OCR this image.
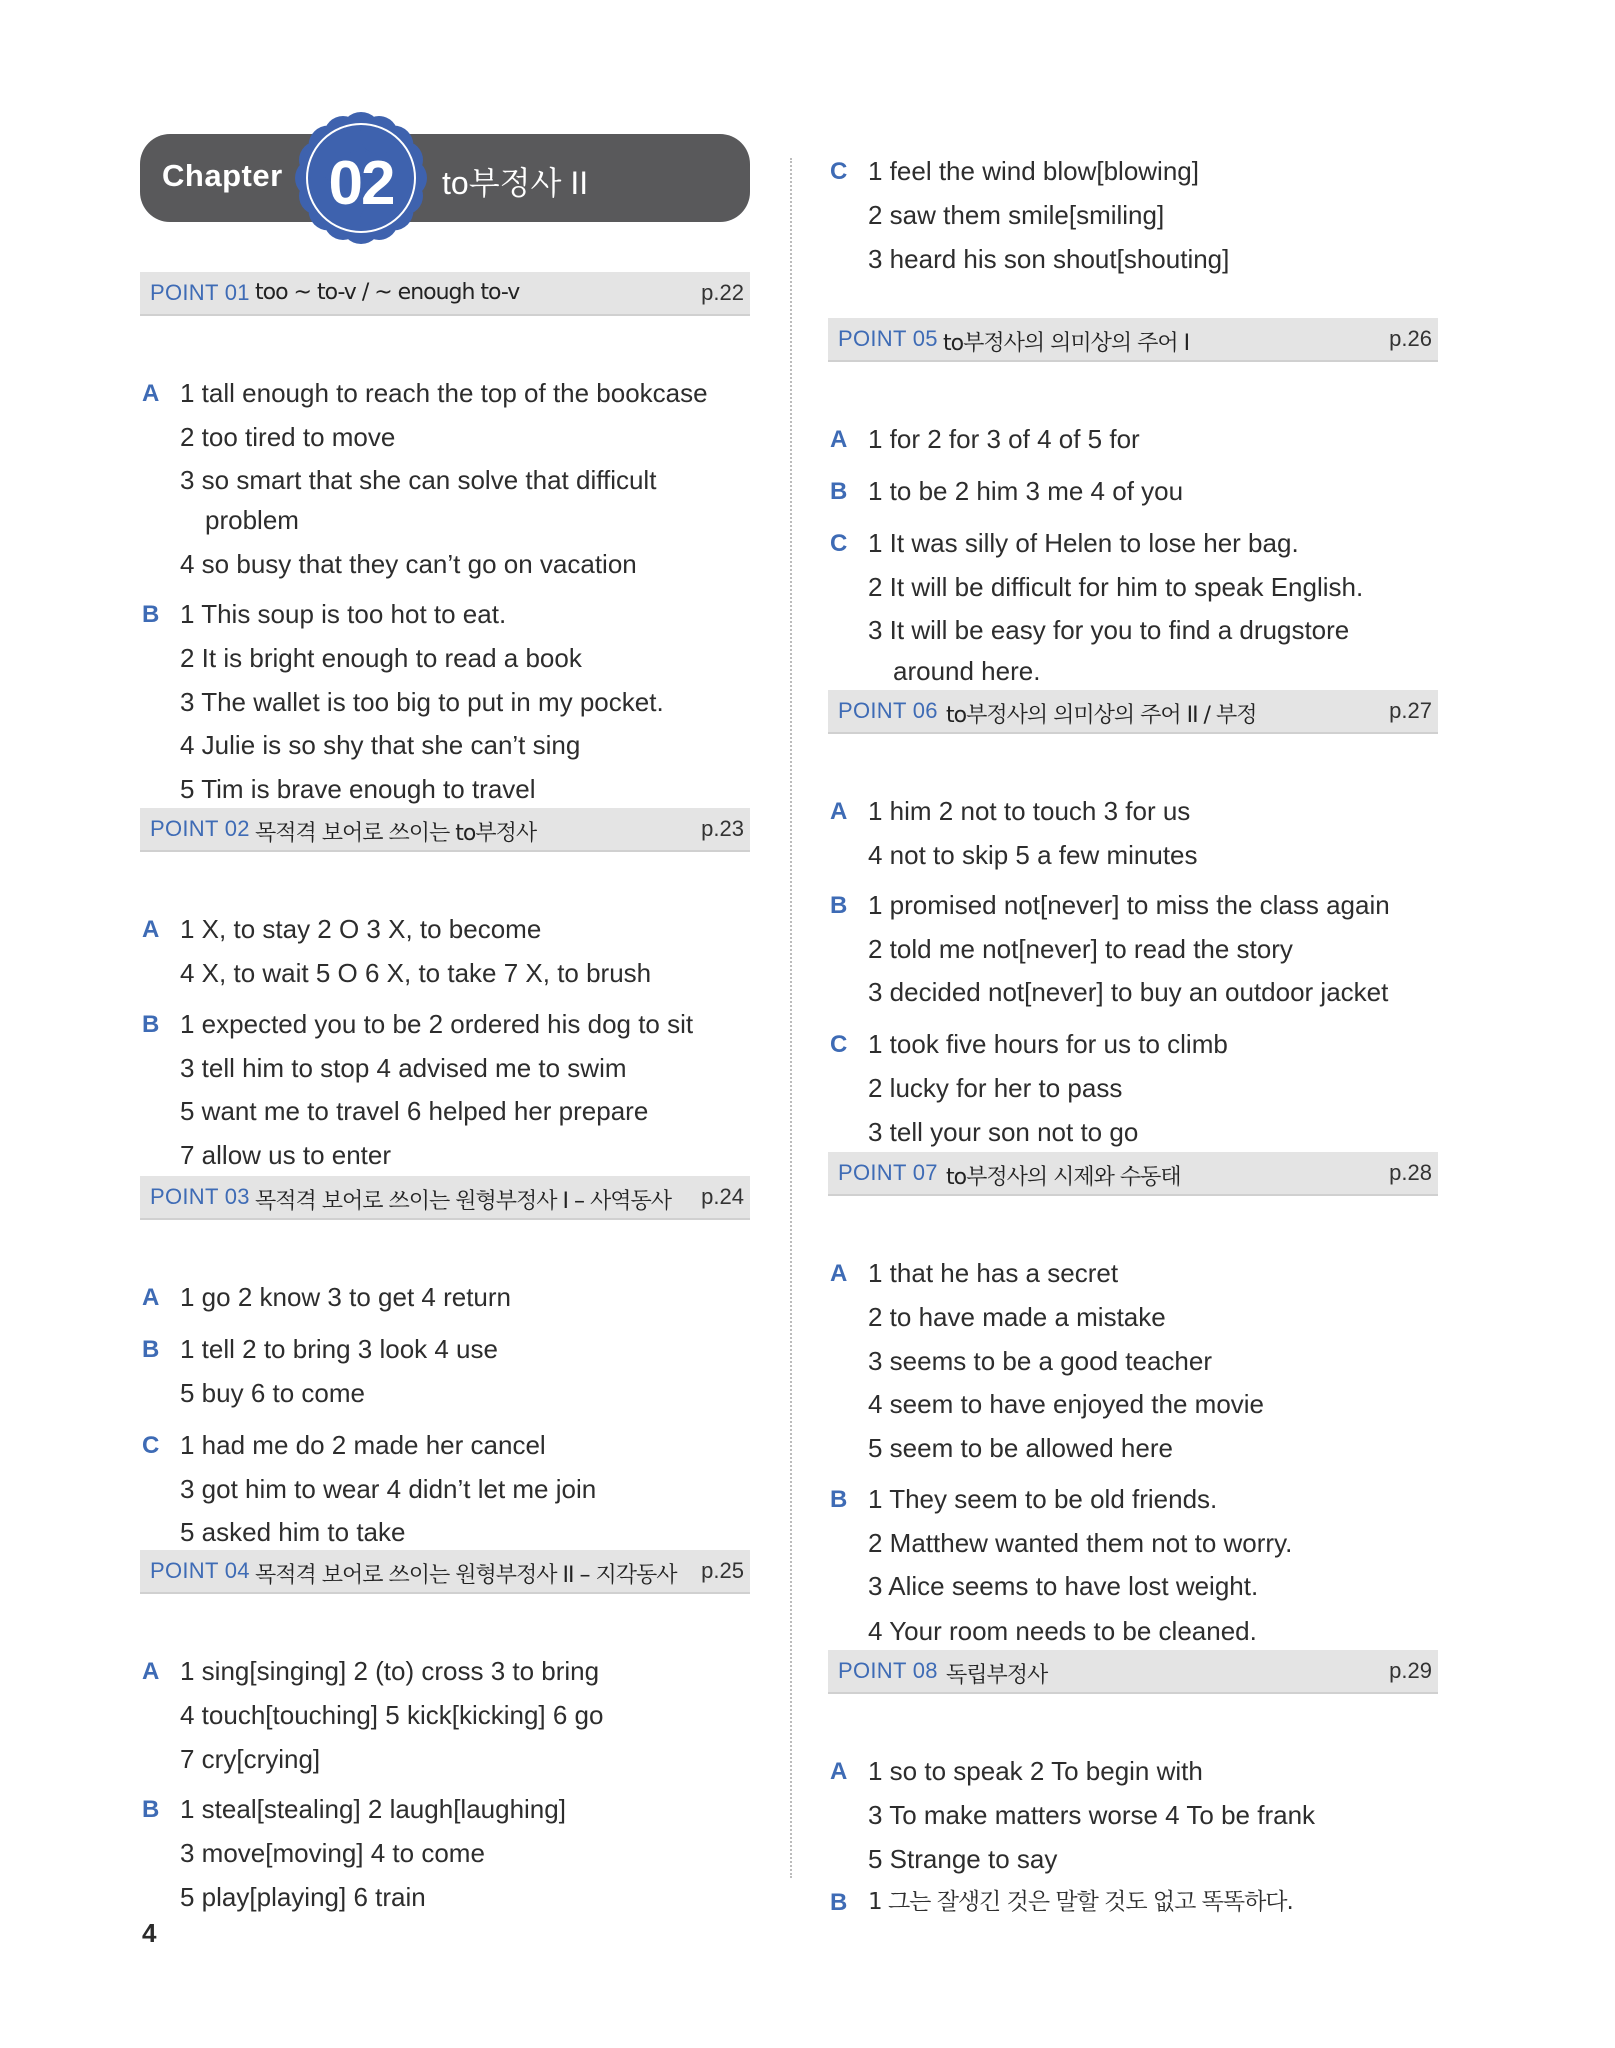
Chapter 02	to부정사 II
POINT 01 too ~ to-v / ~ enough to-v	p.22
A 1 tall enough to reach the top of the bookcase
2 too tired to move
3 so smart that she can solve that difficult
problem
4 so busy that they can’t go on vacation
B 1 This soup is too hot to eat.
2 It is bright enough to read a book
3 The wallet is too big to put in my pocket.
4 Julie is so shy that she can’t sing
5 Tim is brave enough to travel
POINT 02 목적격 보어로 쓰이는 to부정사	p.23
A 1 X, to stay 2 O 3 X, to become
4 X, to wait 5 O 6 X, to take 7 X, to brush
B 1 expected you to be 2 ordered his dog to sit
3 tell him to stop 4 advised me to swim
5 want me to travel 6 helped her prepare
7 allow us to enter
POINT 03 목적격 보어로 쓰이는 원형부정사 I – 사역동사 p.24
A 1 go 2 know 3 to get 4 return
B 1 tell 2 to bring 3 look 4 use
5 buy 6 to come
C 1 had me do 2 made her cancel
3 got him to wear 4 didn’t let me join
5 asked him to take
POINT 04 목적격 보어로 쓰이는 원형부정사 II – 지각동사 p.25
A 1 sing[singing] 2 (to) cross 3 to bring
4 touch[touching] 5 kick[kicking] 6 go
7 cry[crying]
B 1 steal[stealing] 2 laugh[laughing]
3 move[moving] 4 to come
5 play[playing] 6 train
4
C 1 feel the wind blow[blowing]
2 saw them smile[smiling]
3 heard his son shout[shouting]
POINT 05 to부정사의 의미상의 주어 I	p.26
A 1 for 2 for 3 of 4 of 5 for
B 1 to be 2 him 3 me 4 of you
C 1 It was silly of Helen to lose her bag.
2 It will be difficult for him to speak English.
3 It will be easy for you to find a drugstore
around here.
POINT 06 to부정사의 의미상의 주어 II / 부정	p.27
A 1 him 2 not to touch 3 for us
4 not to skip 5 a few minutes
B 1 promised not[never] to miss the class again
2 told me not[never] to read the story
3 decided not[never] to buy an outdoor jacket
C 1 took five hours for us to climb
2 lucky for her to pass
3 tell your son not to go
POINT 07 to부정사의 시제와 수동태	p.28
A 1 that he has a secret
2 to have made a mistake
3 seems to be a good teacher
4 seem to have enjoyed the movie
5 seem to be allowed here
B 1 They seem to be old friends.
2 Matthew wanted them not to worry.
3 Alice seems to have lost weight.
4 Your room needs to be cleaned.
POINT 08 독립부정사	p.29
A 1 so to speak 2 To begin with
3 To make matters worse 4 To be frank
5 Strange to say
B 1 그는 잘생긴 것은 말할 것도 없고 똑똑하다.
